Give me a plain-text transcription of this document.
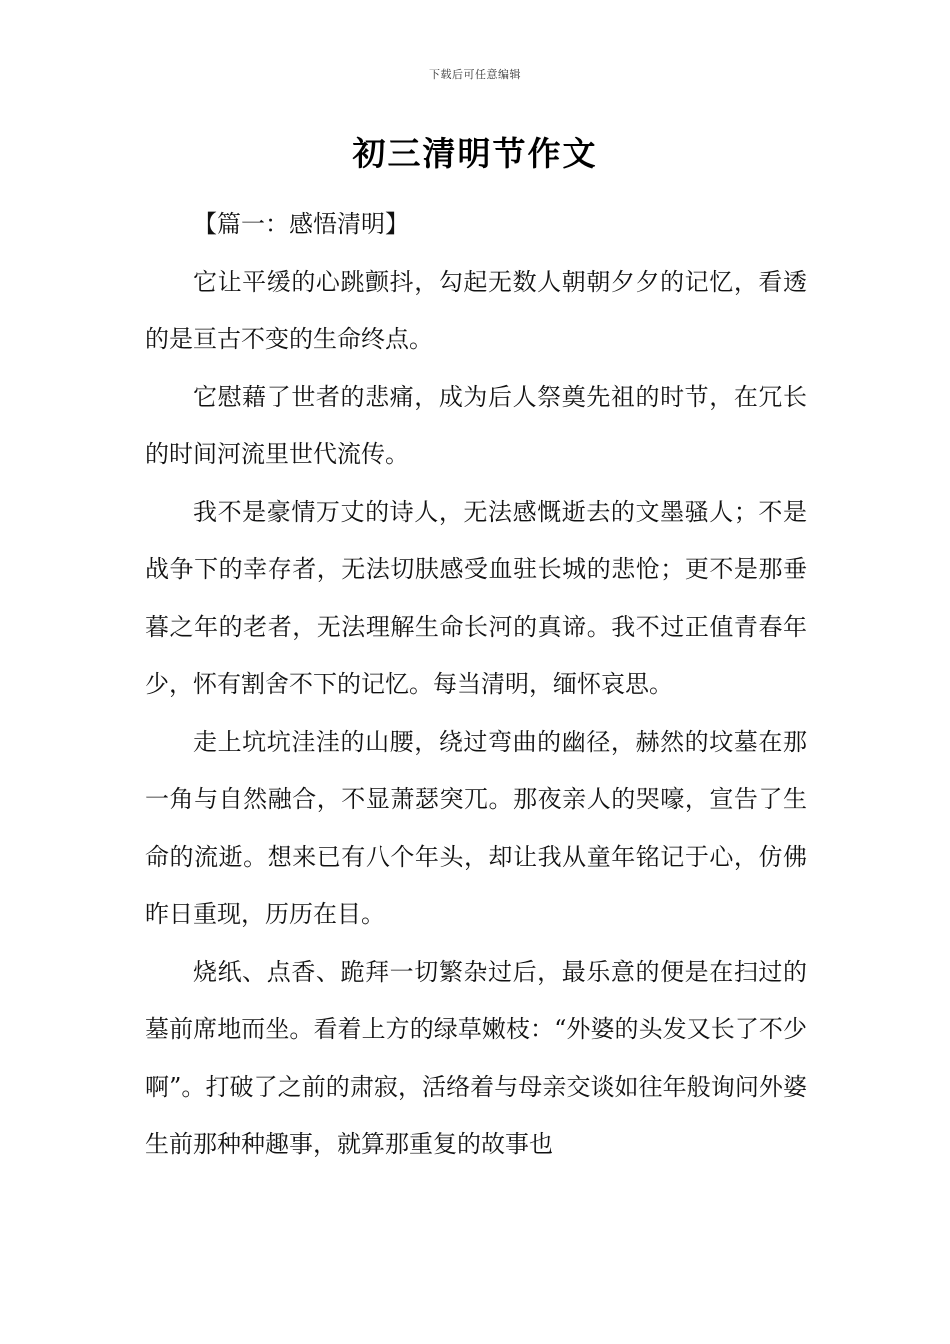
下载后可任意编辑
初三清明节作文

【篇一：感悟清明】

它让平缓的心跳颤抖，勾起无数人朝朝夕夕的记忆，看透的是亘古不变的生命终点。

它慰藉了世者的悲痛，成为后人祭奠先祖的时节，在冗长的时间河流里世代流传。

我不是豪情万丈的诗人，无法感慨逝去的文墨骚人；不是战争下的幸存者，无法切肤感受血驻长城的悲怆；更不是那垂暮之年的老者，无法理解生命长河的真谛。我不过正值青春年少，怀有割舍不下的记忆。每当清明，缅怀哀思。

走上坑坑洼洼的山腰，绕过弯曲的幽径，赫然的坟墓在那一角与自然融合，不显萧瑟突兀。那夜亲人的哭嚎，宣告了生命的流逝。想来已有八个年头，却让我从童年铭记于心，仿佛昨日重现，历历在目。

烧纸、点香、跪拜一切繁杂过后，最乐意的便是在扫过的墓前席地而坐。看着上方的绿草嫩枝：“外婆的头发又长了不少啊”。打破了之前的肃寂，活络着与母亲交谈如往年般询问外婆生前那种种趣事，就算那重复的故事也
